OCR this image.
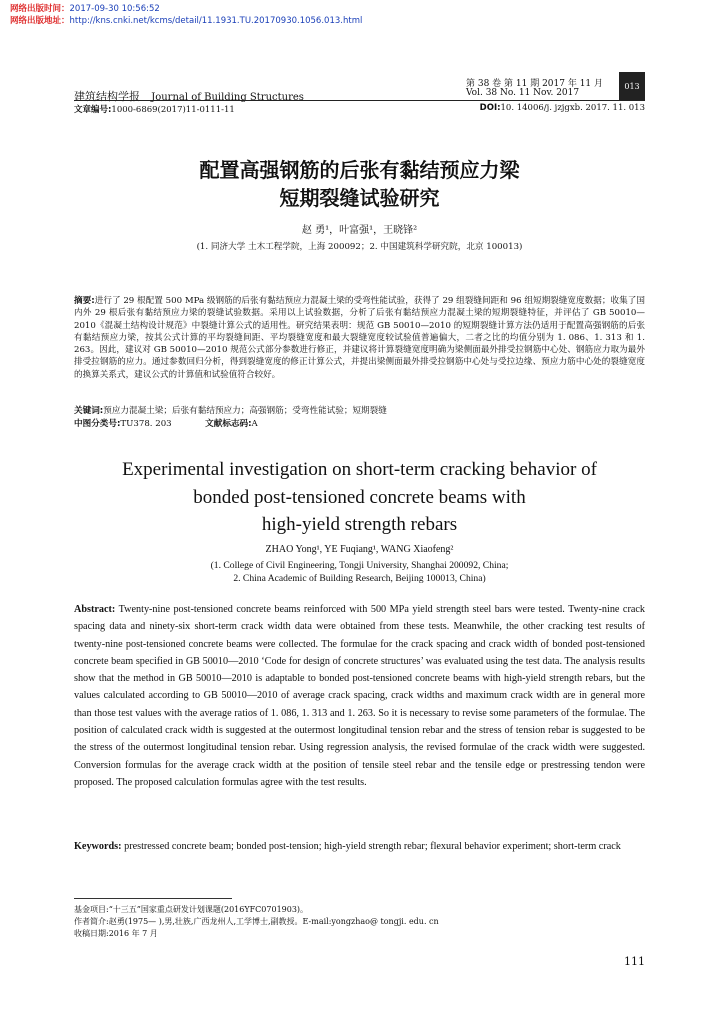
网络出版时间：2017-09-30 10:56:52
网络出版地址：http://kns.cnki.net/kcms/detail/11.1931.TU.20170930.1056.013.html
建筑结构学报 Journal of Building Structures
第 38 卷 第 11 期 2017 年 11 月
Vol. 38 No. 11 Nov. 2017
013
文章编号:1000-6869(2017)11-0111-11	DOI:10. 14006/j. jzjgxb. 2017. 11. 013
配置高强钢筋的后张有黏结预应力梁
短期裂缝试验研究
赵 勇¹，叶富强¹，王晓锋²
(1. 同济大学 土木工程学院，上海 200092；2. 中国建筑科学研究院，北京 100013)
摘要:进行了 29 根配置 500 MPa 级钢筋的后张有黏结预应力混凝土梁的受弯性能试验，获得了 29 组裂缝间距和 96 组短期裂缝宽度数据；收集了国内外 29 根后张有黏结预应力梁的裂缝试验数据。采用以上试验数据，分析了后张有黏结预应力混凝土梁的短期裂缝特征，并评估了 GB 50010—2010《混凝土结构设计规范》中裂缝计算公式的适用性。研究结果表明：规范 GB 50010—2010 的短期裂缝计算方法仍适用于配置高强钢筋的后张有黏结预应力梁，按其公式计算的平均裂缝间距、平均裂缝宽度和最大裂缝宽度较试验值普遍偏大，二者之比的均值分别为 1. 086、1. 313 和 1. 263。因此，建议对 GB 50010—2010 规范公式部分参数进行修正，并建议将计算裂缝宽度明确为梁侧面最外排受拉钢筋中心处、钢筋应力取为最外排受拉钢筋的应力。通过参数回归分析，得到裂缝宽度的修正计算公式，并提出梁侧面最外排受拉钢筋中心处与受拉边缘、预应力筋中心处的裂缝宽度的换算关系式，建议公式的计算值和试验值符合较好。
关键词:预应力混凝土梁；后张有黏结预应力；高强钢筋；受弯性能试验；短期裂缝
中图分类号:TU378. 203	文献标志码:A
Experimental investigation on short-term cracking behavior of
bonded post-tensioned concrete beams with
high-yield strength rebars
ZHAO Yong¹, YE Fuqiang¹, WANG Xiaofeng²
(1. College of Civil Engineering, Tongji University, Shanghai 200092, China;
2. China Academic of Building Research, Beijing 100013, China)
Abstract: Twenty-nine post-tensioned concrete beams reinforced with 500 MPa yield strength steel bars were tested. Twenty-nine crack spacing data and ninety-six short-term crack width data were obtained from these tests. Meanwhile, the other cracking test results of twenty-nine post-tensioned concrete beams were collected. The formulae for the crack spacing and crack width of bonded post-tensioned concrete beam specified in GB 50010—2010 ‘Code for design of concrete structures’ was evaluated using the test data. The analysis results show that the method in GB 50010—2010 is adaptable to bonded post-tensioned concrete beams with high-yield strength rebars, but the values calculated according to GB 50010—2010 of average crack spacing, crack widths and maximum crack width are in general more than those test values with the average ratios of 1. 086, 1. 313 and 1. 263. So it is necessary to revise some parameters of the formulae. The position of calculated crack width is suggested at the outermost longitudinal tension rebar and the stress of tension rebar is suggested to be the stress of the outermost longitudinal tension rebar. Using regression analysis, the revised formulae of the crack width were suggested. Conversion formulas for the average crack width at the position of tensile steel rebar and the tensile edge or prestressing tendon were proposed. The proposed calculation formulas agree with the test results.
Keywords: prestressed concrete beam; bonded post-tension; high-yield strength rebar; flexural behavior experiment; short-term crack
基金项目:“十三五”国家重点研发计划课题(2016YFC0701903)。
作者简介:赵勇(1975— ),男,壮族,广西龙州人,工学博士,副教授。E-mail:yongzhao@ tongji. edu. cn
收稿日期:2016 年 7 月
111
